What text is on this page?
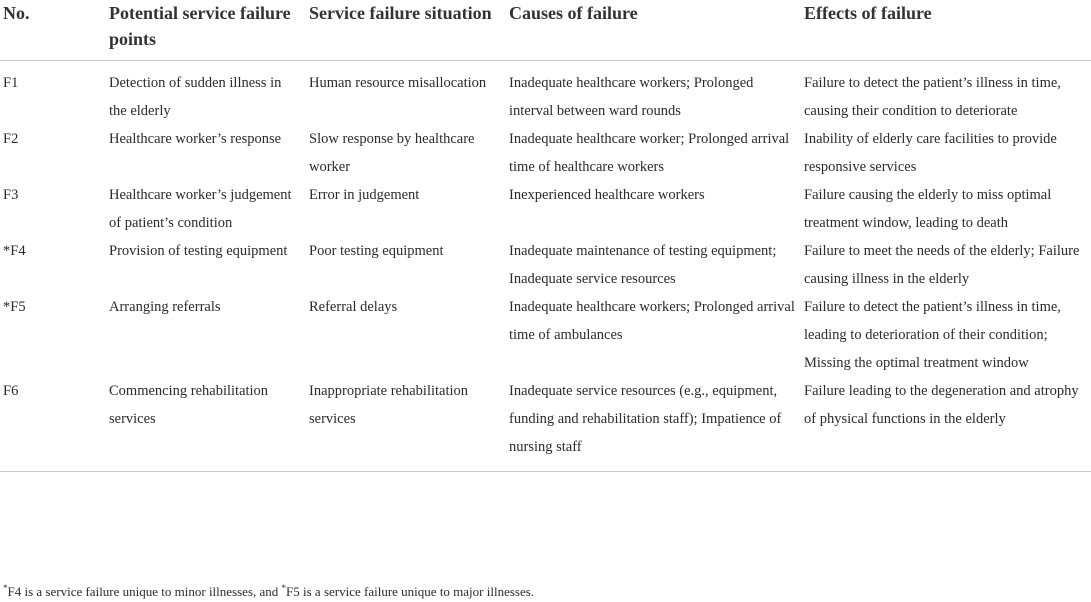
No.	Potential service failure points	Service failure situation	Causes of failure	Effects of failure
F1	Detection of sudden illness in the elderly	Human resource misallocation	Inadequate healthcare workers; Prolonged interval between ward rounds	Failure to detect the patient’s illness in time, causing their condition to deteriorate
F2	Healthcare worker’s response	Slow response by healthcare worker	Inadequate healthcare worker; Prolonged arrival time of healthcare workers	Inability of elderly care facilities to provide responsive services
F3	Healthcare worker’s judgement of patient’s condition	Error in judgement	Inexperienced healthcare workers	Failure causing the elderly to miss optimal treatment window, leading to death
*F4	Provision of testing equipment	Poor testing equipment	Inadequate maintenance of testing equipment; Inadequate service resources	Failure to meet the needs of the elderly; Failure causing illness in the elderly
*F5	Arranging referrals	Referral delays	Inadequate healthcare workers; Prolonged arrival time of ambulances	Failure to detect the patient’s illness in time, leading to deterioration of their condition; Missing the optimal treatment window
F6	Commencing rehabilitation services	Inappropriate rehabilitation services	Inadequate service resources (e.g., equipment, funding and rehabilitation staff); Impatience of nursing staff	Failure leading to the degeneration and atrophy of physical functions in the elderly
*F4 is a service failure unique to minor illnesses, and *F5 is a service failure unique to major illnesses.
